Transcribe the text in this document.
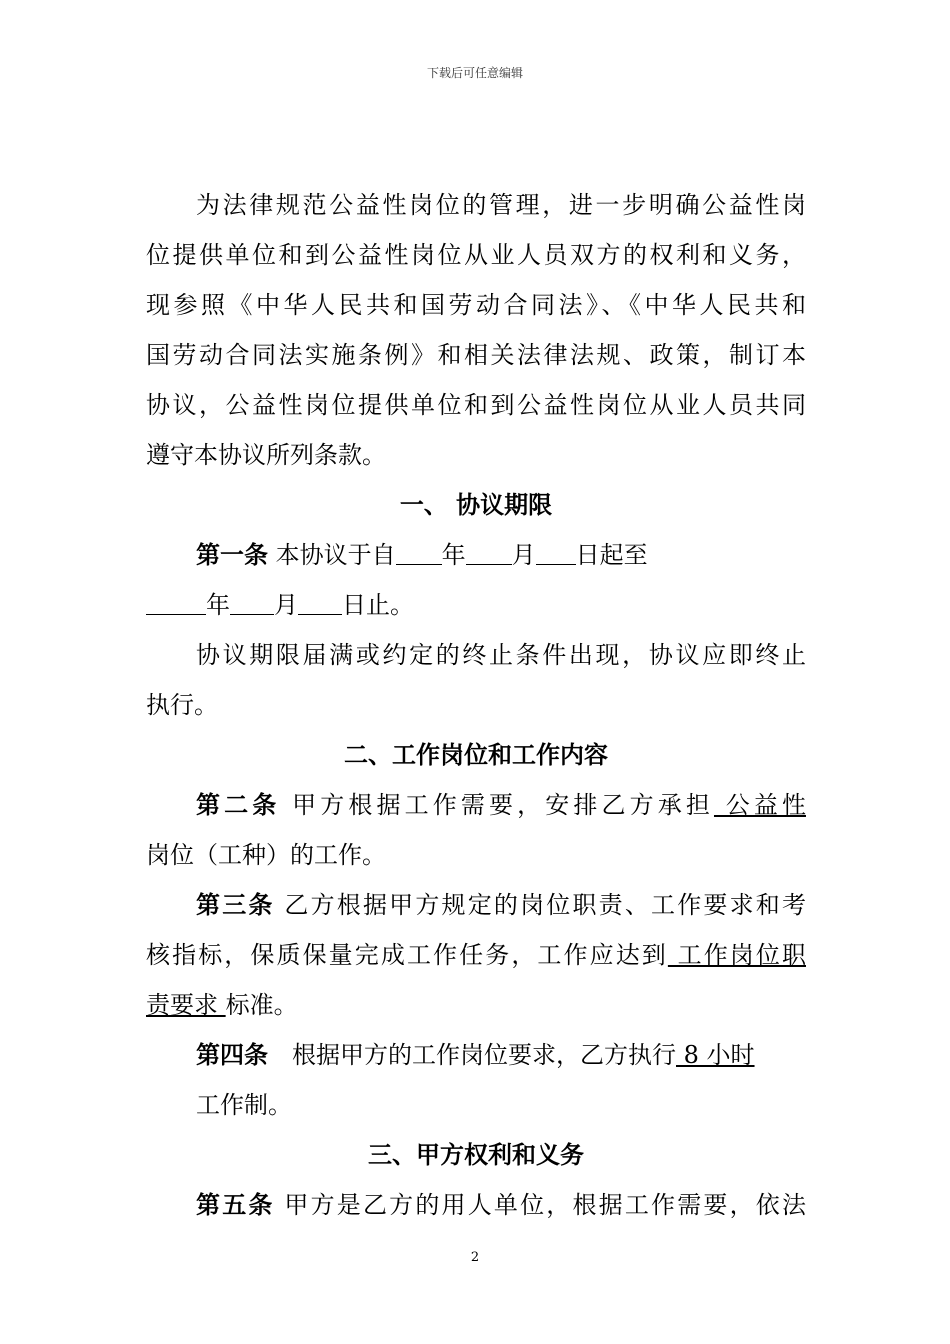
下载后可任意编辑
为法律规范公益性岗位的管理，进一步明确公益性岗
位提供单位和到公益性岗位从业人员双方的权利和义务，
现参照《中华人民共和国劳动合同法》、《中华人民共和
国劳动合同法实施条例》和相关法律法规、政策，制订本
协议，公益性岗位提供单位和到公益性岗位从业人员共同
遵守本协议所列条款。
一、 协议期限
第一条 本协议于自 年 月 日起至
年 月 日止。
协议期限届满或约定的终止条件出现，协议应即终止
执行。
二、工作岗位和工作内容
第二条 甲方根据工作需要，安排乙方承担 公益性
岗位（工种）的工作。
第三条 乙方根据甲方规定的岗位职责、工作要求和考
核指标，保质保量完成工作任务，工作应达到 工作岗位职
责要求 标准。
第四条　根据甲方的工作岗位要求，乙方执行 8 小时
工作制。
三、甲方权利和义务
第五条 甲方是乙方的用人单位，根据工作需要，依法
2
